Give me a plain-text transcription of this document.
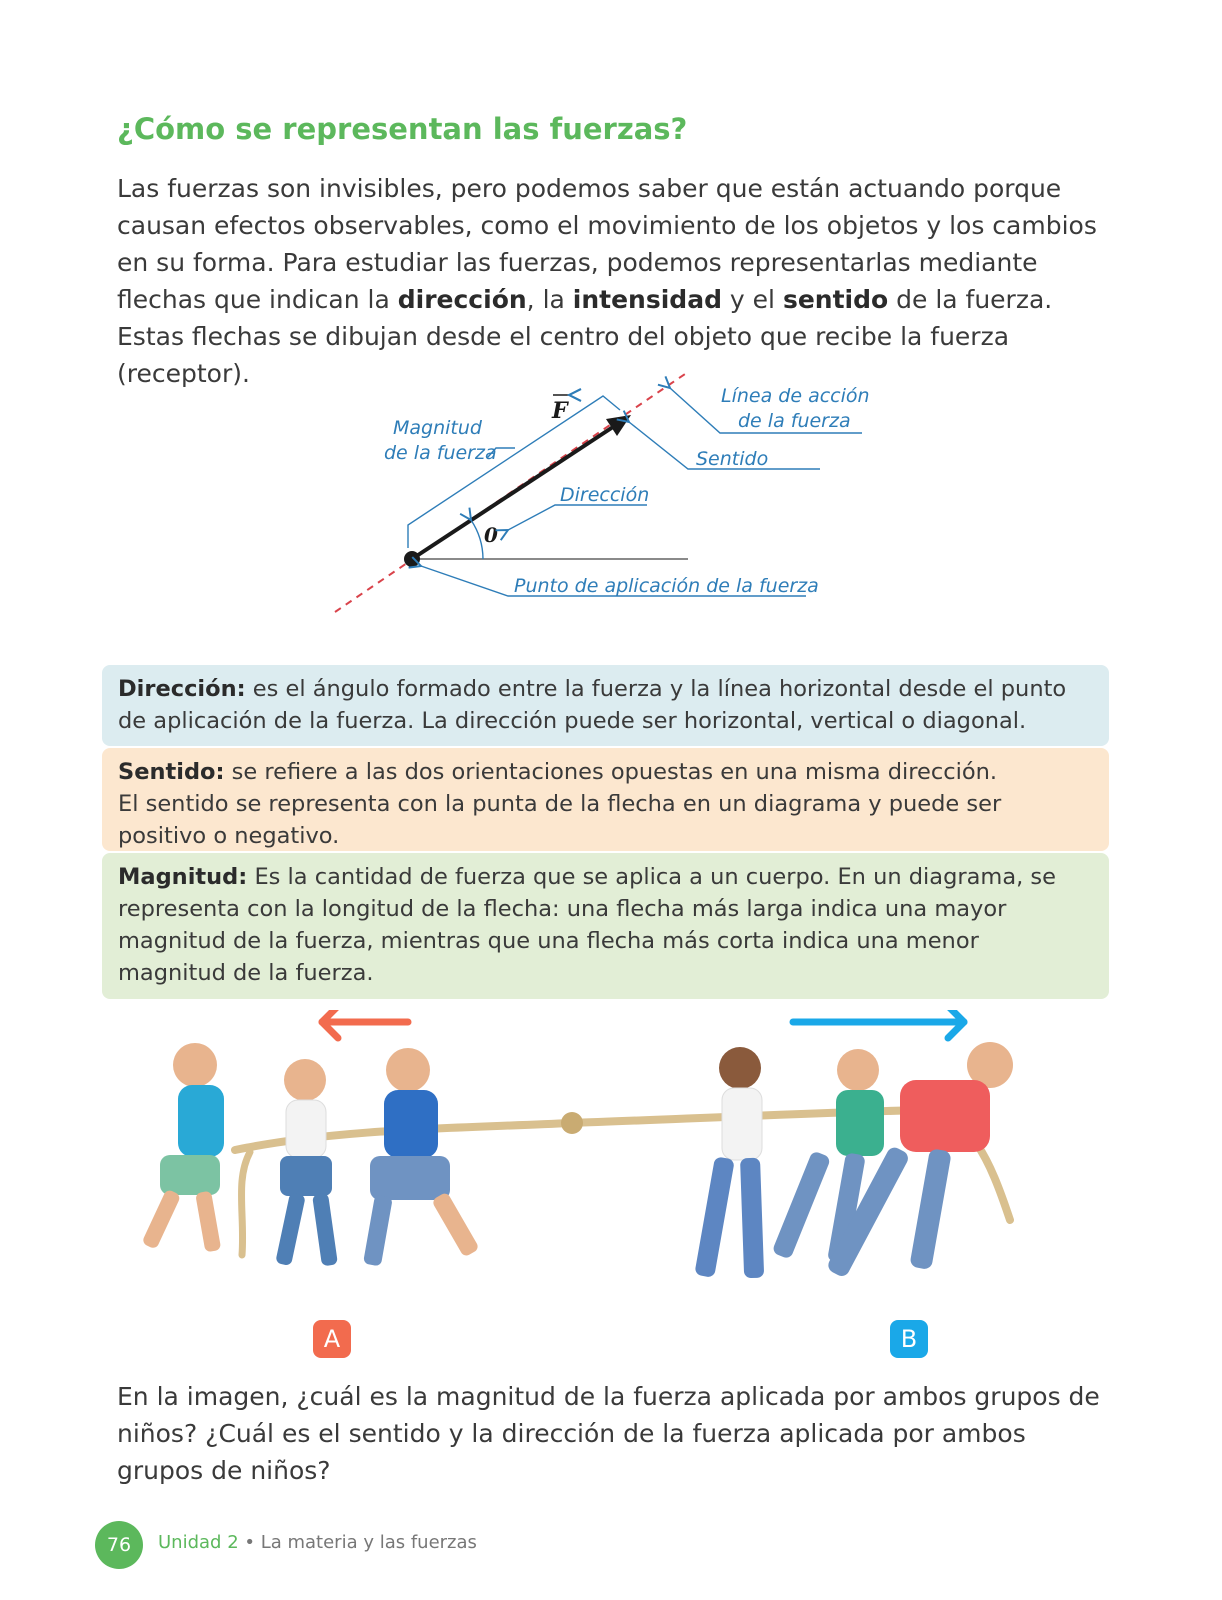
¿Cómo se representan las fuerzas?

Las fuerzas son invisibles, pero podemos saber que están actuando porque causan efectos observables, como el movimiento de los objetos y los cambios en su forma. Para estudiar las fuerzas, podemos representarlas mediante flechas que indican la dirección, la intensidad y el sentido de la fuerza. Estas flechas se dibujan desde el centro del objeto que recibe la fuerza (receptor).

0
F
Magnitud
de la fuerza
Línea de acción
de la fuerza
Sentido
Dirección
Punto de aplicación de la fuerza
Dirección: es el ángulo formado entre la fuerza y la línea horizontal desde el punto de aplicación de la fuerza. La dirección puede ser horizontal, vertical o diagonal.
Sentido: se refiere a las dos orientaciones opuestas en una misma dirección.
El sentido se representa con la punta de la flecha en un diagrama y puede ser positivo o negativo.
Magnitud: Es la cantidad de fuerza que se aplica a un cuerpo. En un diagrama, se representa con la longitud de la flecha: una flecha más larga indica una mayor magnitud de la fuerza, mientras que una flecha más corta indica una menor magnitud de la fuerza.
A	B

En la imagen, ¿cuál es la magnitud de la fuerza aplicada por ambos grupos de niños? ¿Cuál es el sentido y la dirección de la fuerza aplicada por ambos grupos de niños?

76	Unidad 2 • La materia y las fuerzas
